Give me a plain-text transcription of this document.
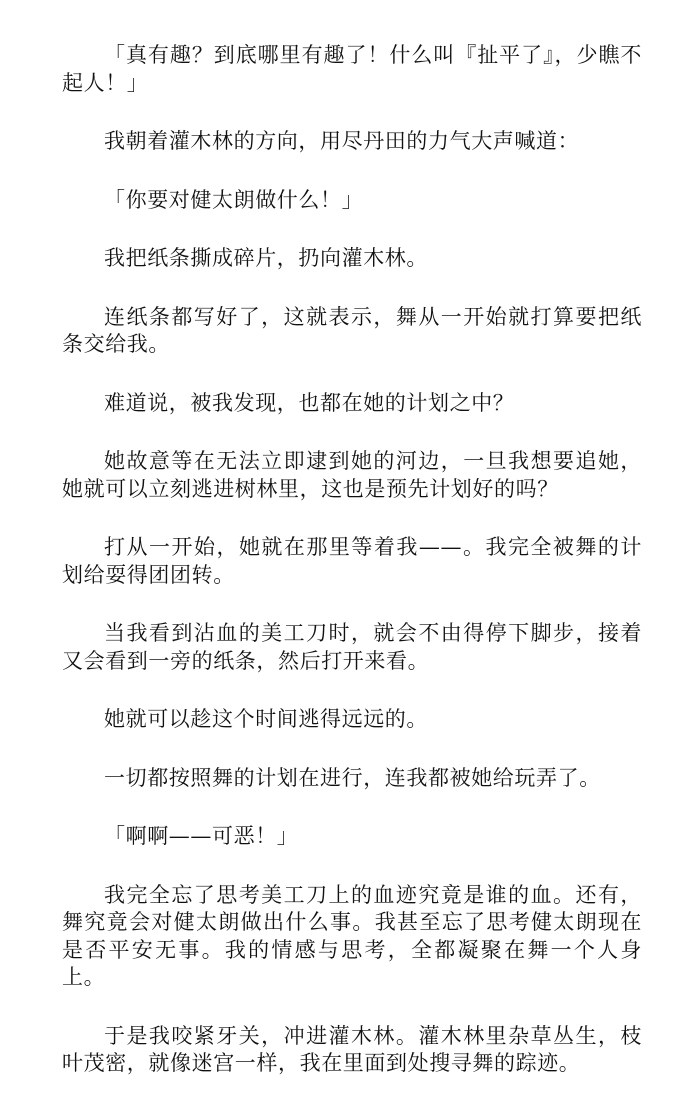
「真有趣？到底哪里有趣了！什么叫『扯平了』，少瞧不起人！」

我朝着灌木林的方向，用尽丹田的力气大声喊道：

「你要对健太朗做什么！」

我把纸条撕成碎片，扔向灌木林。

连纸条都写好了，这就表示，舞从一开始就打算要把纸条交给我。

难道说，被我发现，也都在她的计划之中？

她故意等在无法立即逮到她的河边，一旦我想要追她，她就可以立刻逃进树林里，这也是预先计划好的吗？

打从一开始，她就在那里等着我——。我完全被舞的计划给耍得团团转。

当我看到沾血的美工刀时，就会不由得停下脚步，接着又会看到一旁的纸条，然后打开来看。

她就可以趁这个时间逃得远远的。

一切都按照舞的计划在进行，连我都被她给玩弄了。

「啊啊——可恶！」

我完全忘了思考美工刀上的血迹究竟是谁的血。还有，舞究竟会对健太朗做出什么事。我甚至忘了思考健太朗现在是否平安无事。我的情感与思考，全都凝聚在舞一个人身上。

于是我咬紧牙关，冲进灌木林。灌木林里杂草丛生，枝叶茂密，就像迷宫一样，我在里面到处搜寻舞的踪迹。
